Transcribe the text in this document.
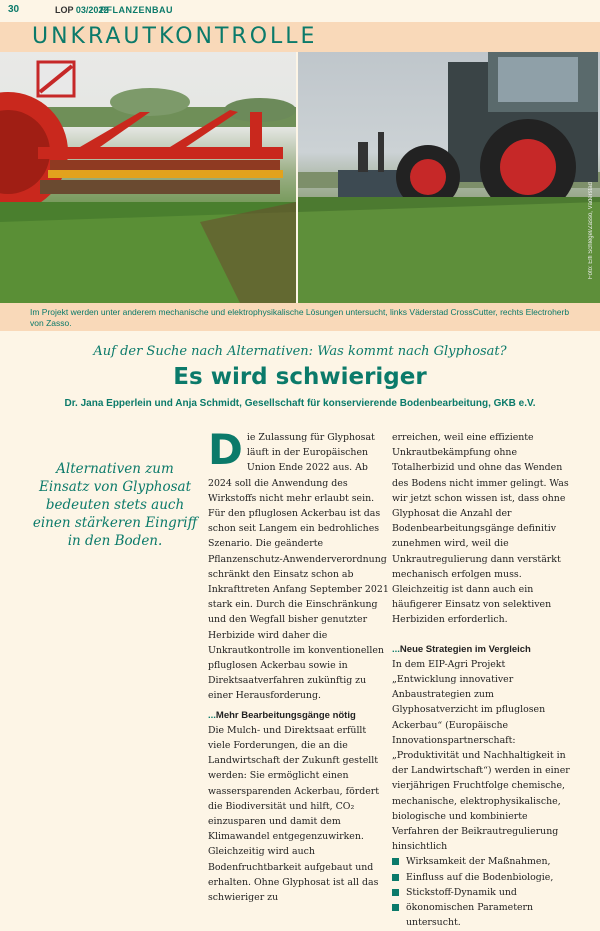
30	LOP 03/2022
PFLANZENBAU
UNKRAUTKONTROLLE
Foto: Elfi Schlegel/Zasso, Väderstad

Im Projekt werden unter anderem mechanische und elektrophysikalische Lösungen untersucht, links Väderstad CrossCutter, rechts Electroherb von Zasso.

Auf der Suche nach Alternativen: Was kommt nach Glyphosat?
Es wird schwieriger
Dr. Jana Epperlein und Anja Schmidt, Gesellschaft für konservierende Bodenbearbeitung, GKB e.V.
Alternativen zum Einsatz von Glyphosat bedeuten stets auch einen stärkeren Eingriff in den Boden.

Die Zulassung für Glyphosat läuft in der Europäischen Union Ende 2022 aus. Ab 2024 soll die Anwendung des Wirkstoffs nicht mehr erlaubt sein. Für den pfluglosen Ackerbau ist das schon seit Langem ein bedrohliches Szenario. Die geänderte Pflanzenschutz-Anwenderverordnung schränkt den Einsatz schon ab Inkrafttreten Anfang September 2021 stark ein. Durch die Einschränkung und den Wegfall bisher genutzter Herbizide wird daher die Unkrautkontrolle im konventionellen pfluglosen Ackerbau sowie in Direktsaatverfahren zukünftig zu einer Herausforderung.

...Mehr Bearbeitungsgänge nötig

Die Mulch- und Direktsaat erfüllt viele Forderungen, die an die Landwirtschaft der Zukunft gestellt werden: Sie ermöglicht einen wassersparenden Ackerbau, fördert die Biodiversität und hilft, CO₂ einzusparen und damit dem Klimawandel entgegenzuwirken. Gleichzeitig wird auch Bodenfruchtbarkeit aufgebaut und erhalten. Ohne Glyphosat ist all das schwieriger zu

erreichen, weil eine effiziente Unkrautbekämpfung ohne Totalherbizid und ohne das Wenden des Bodens nicht immer gelingt. Was wir jetzt schon wissen ist, dass ohne Glyphosat die Anzahl der Bodenbearbeitungsgänge definitiv zunehmen wird, weil die Unkrautregulierung dann verstärkt mechanisch erfolgen muss. Gleichzeitig ist dann auch ein häufigerer Einsatz von selektiven Herbiziden erforderlich.

...Neue Strategien im Vergleich

In dem EIP-Agri Projekt „Entwicklung innovativer Anbaustrategien zum Glyphosatverzicht im pfluglosen Ackerbau“ (Europäische Innovationspartnerschaft: „Produktivität und Nachhaltigkeit in der Landwirtschaft“) werden in einer vierjährigen Fruchtfolge chemische, mechanische, elektrophysikalische, biologische und kombinierte Verfahren der Beikrautregulierung hinsichtlich

Wirksamkeit der Maßnahmen,
Einfluss auf die Bodenbiologie,
Stickstoff-Dynamik und
ökonomischen Parametern untersucht.
